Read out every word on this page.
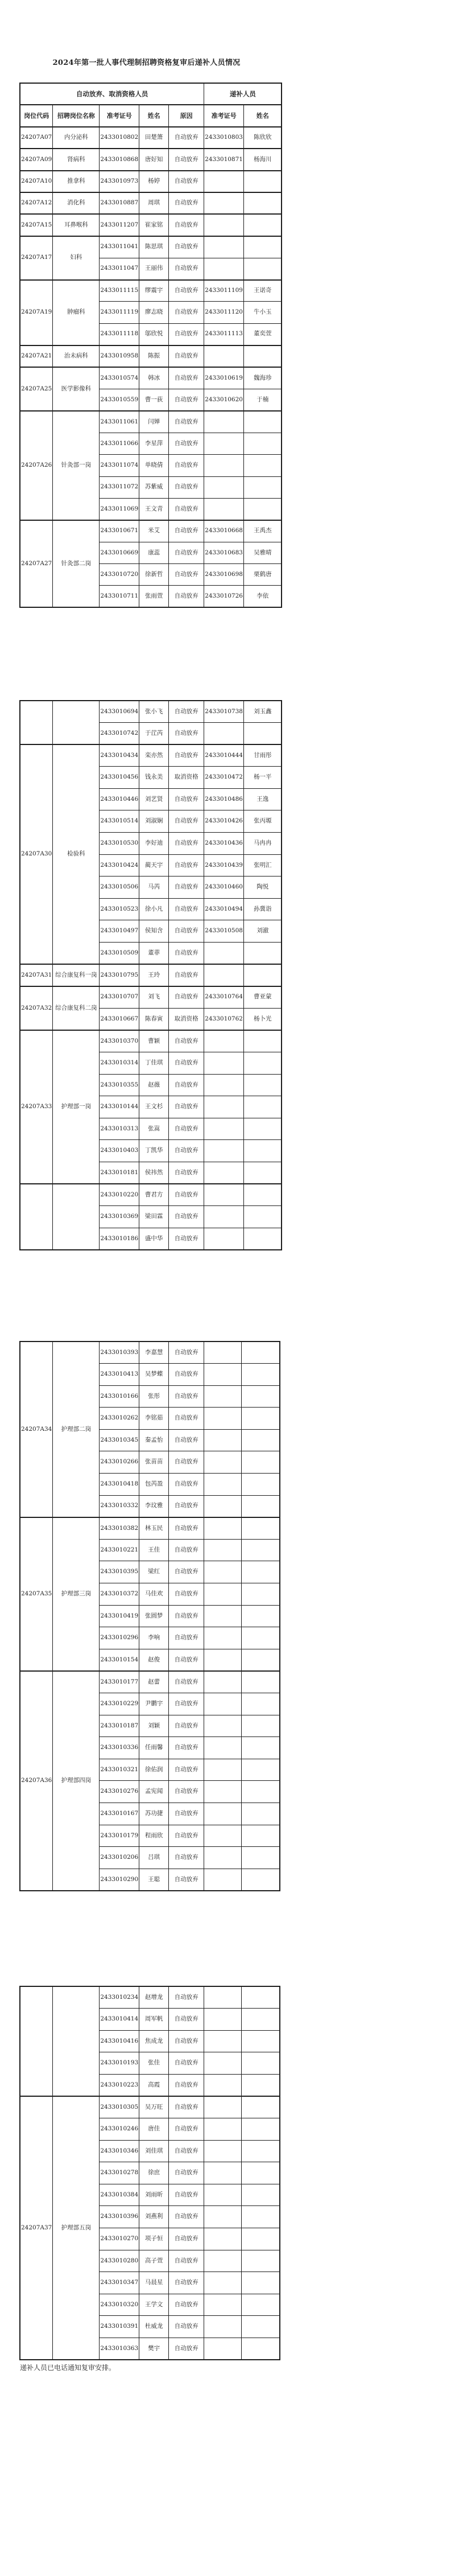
2024年第一批人事代理制招聘资格复审后递补人员情况
自动放弃、取消资格人员					递补人员	
岗位代码	招聘岗位名称	准考证号	姓名	原因	准考证号	姓名
24207A07	内分泌科	2433010802	田楚箫	自动放弃	2433010803	陈欣欣
24207A09	肾病科	2433010868	唐好知	自动放弃	2433010871	杨海川
24207A10	推拿科	2433010973	杨婷	自动放弃		
24207A12	消化科	2433010887	周琪	自动放弃		
24207A15	耳鼻喉科	2433011207	崔家铭	自动放弃		
24207A17	妇科	2433011041	陈思琪	自动放弃		
		2433011047	王丽伟	自动放弃		
24207A19	肿瘤科	2433011115	缪震宇	自动放弃	2433011109	王诺奇
		2433011119	廖志晓	自动放弃	2433011120	牛小玉
		2433011118	邬欣悦	自动放弃	2433011113	董奕萱
24207A21	治未病科	2433010958	陈振	自动放弃		
24207A25	医学影像科	2433010574	韩冰	自动放弃	2433010619	魏海珍
		2433010559	曹一荻	自动放弃	2433010620	于楠
24207A26	针灸部一岗	2433011061	闫婵	自动放弃		
		2433011066	李星萍	自动放弃		
		2433011074	单晓倩	自动放弃		
		2433011072	苏紫威	自动放弃		
		2433011069	王文青	自动放弃		
24207A27	针灸部二岗	2433010671	米艾	自动放弃	2433010668	王禹杰
		2433010669	康蕊	自动放弃	2433010683	吴雅晴
		2433010720	徐新哲	自动放弃	2433010698	栗鹤唐
		2433010711	张雨萱	自动放弃	2433010726	李依
		2433010694	张小飞	自动放弃	2433010738	刘玉鑫
		2433010742	于茳芮	自动放弃		
24207A30	检验科	2433010434	栾亦然	自动放弃	2433010444	甘雨彤
		2433010456	钱永美	取消资格	2433010472	杨一平
		2433010446	刘艺贤	自动放弃	2433010486	王逸
		2433010514	刘淑娴	自动放弃	2433010426	张丙塬
		2433010530	李好迪	自动放弃	2433010436	马冉冉
		2433010424	蔺天宇	自动放弃	2433010439	张明汇
		2433010506	马芮	自动放弃	2433010460	陶悦
		2433010523	徐小凡	自动放弃	2433010494	孙冀诣
		2433010497	侯知含	自动放弃	2433010508	刘澈
		2433010509	董菲	自动放弃		
24207A31	综合康复科一岗	2433010795	王玲	自动放弃		
24207A32	综合康复科二岗	2433010707	刘飞	自动放弃	2433010764	曹亚蒙
		2433010667	陈春寅	取消资格	2433010762	杨卜光
24207A33	护理部一岗	2433010370	曹颖	自动放弃		
		2433010314	丁佳琪	自动放弃		
		2433010355	赵薇	自动放弃		
		2433010144	王文杉	自动放弃		
		2433010313	张嵩	自动放弃		
		2433010403	丁凯华	自动放弃		
		2433010181	侯祎然	自动放弃		
		2433010220	曹君方	自动放弃		
		2433010369	梁田霖	自动放弃		
		2433010186	盛中华	自动放弃		
24207A34	护理部二岗	2433010393	李嘉慧	自动放弃		
		2433010413	吴梦蝶	自动放弃		
		2433010166	张彤	自动放弃		
		2433010262	李铭茹	自动放弃		
		2433010345	秦孟怡	自动放弃		
		2433010266	张苗苗	自动放弃		
		2433010418	包芮盈	自动放弃		
		2433010332	李玟雅	自动放弃		
24207A35	护理部三岗	2433010382	林玉民	自动放弃		
		2433010221	王佳	自动放弃		
		2433010395	梁红	自动放弃		
		2433010372	马佳欢	自动放弃		
		2433010419	张圆梦	自动放弃		
		2433010296	李响	自动放弃		
		2433010154	赵俊	自动放弃		
24207A36	护理部四岗	2433010177	赵蕾	自动放弃		
		2433010229	尹鹏宇	自动放弃		
		2433010187	刘颖	自动放弃		
		2433010336	任雨馨	自动放弃		
		2433010321	徐佑润	自动放弃		
		2433010276	孟宪闻	自动放弃		
		2433010167	苏功捷	自动放弃		
		2433010179	程雨欣	自动放弃		
		2433010206	吕琪	自动放弃		
		2433010290	王聪	自动放弃		
		2433010234	赵增龙	自动放弃		
		2433010414	周军帆	自动放弃		
		2433010416	焦成龙	自动放弃		
		2433010193	张佳	自动放弃		
		2433010223	高霞	自动放弃		
24207A37	护理部五岗	2433010305	吴万旺	自动放弃		
		2433010246	唐佳	自动放弃		
		2433010346	刘佳琪	自动放弃		
		2433010278	徐庶	自动放弃		
		2433010384	刘雨昕	自动放弃		
		2433010396	刘燕利	自动放弃		
		2433010270	项子恒	自动放弃		
		2433010280	高子萱	自动放弃		
		2433010347	马晨星	自动放弃		
		2433010320	王学文	自动放弃		
		2433010391	杜威龙	自动放弃		
		2433010363	樊宇	自动放弃		
递补人员已电话通知复审安排。
